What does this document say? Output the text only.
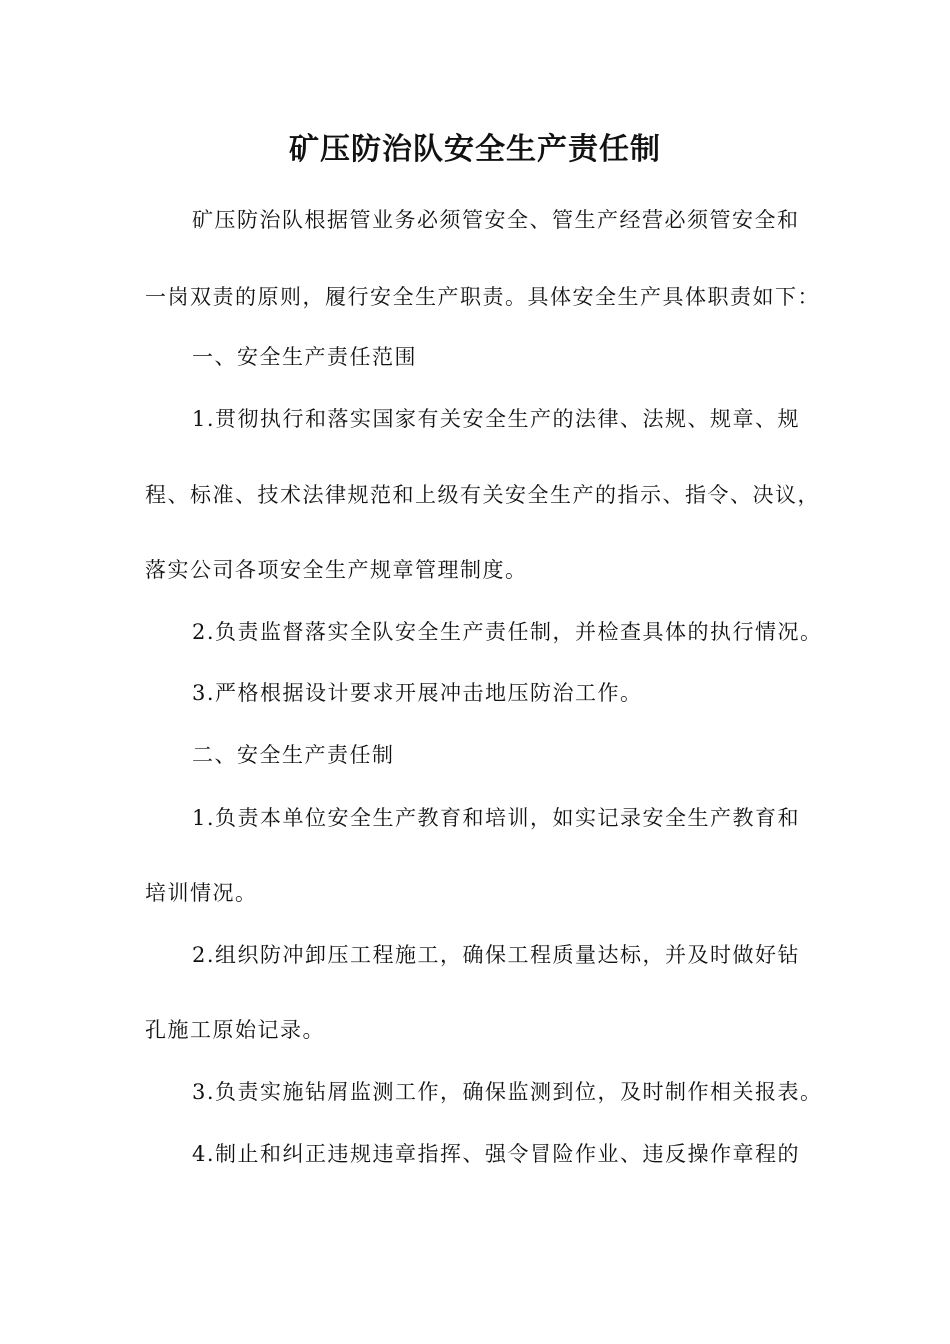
矿压防治队安全生产责任制

矿压防治队根据管业务必须管安全、管生产经营必须管安全和

一岗双责的原则，履行安全生产职责。具体安全生产具体职责如下：

一、安全生产责任范围

1.贯彻执行和落实国家有关安全生产的法律、法规、规章、规

程、标准、技术法律规范和上级有关安全生产的指示、指令、决议，

落实公司各项安全生产规章管理制度。

2.负责监督落实全队安全生产责任制，并检查具体的执行情况。

3.严格根据设计要求开展冲击地压防治工作。

二、安全生产责任制

1.负责本单位安全生产教育和培训，如实记录安全生产教育和

培训情况。

2.组织防冲卸压工程施工，确保工程质量达标，并及时做好钻

孔施工原始记录。

3.负责实施钻屑监测工作，确保监测到位，及时制作相关报表。

4.制止和纠正违规违章指挥、强令冒险作业、违反操作章程的
